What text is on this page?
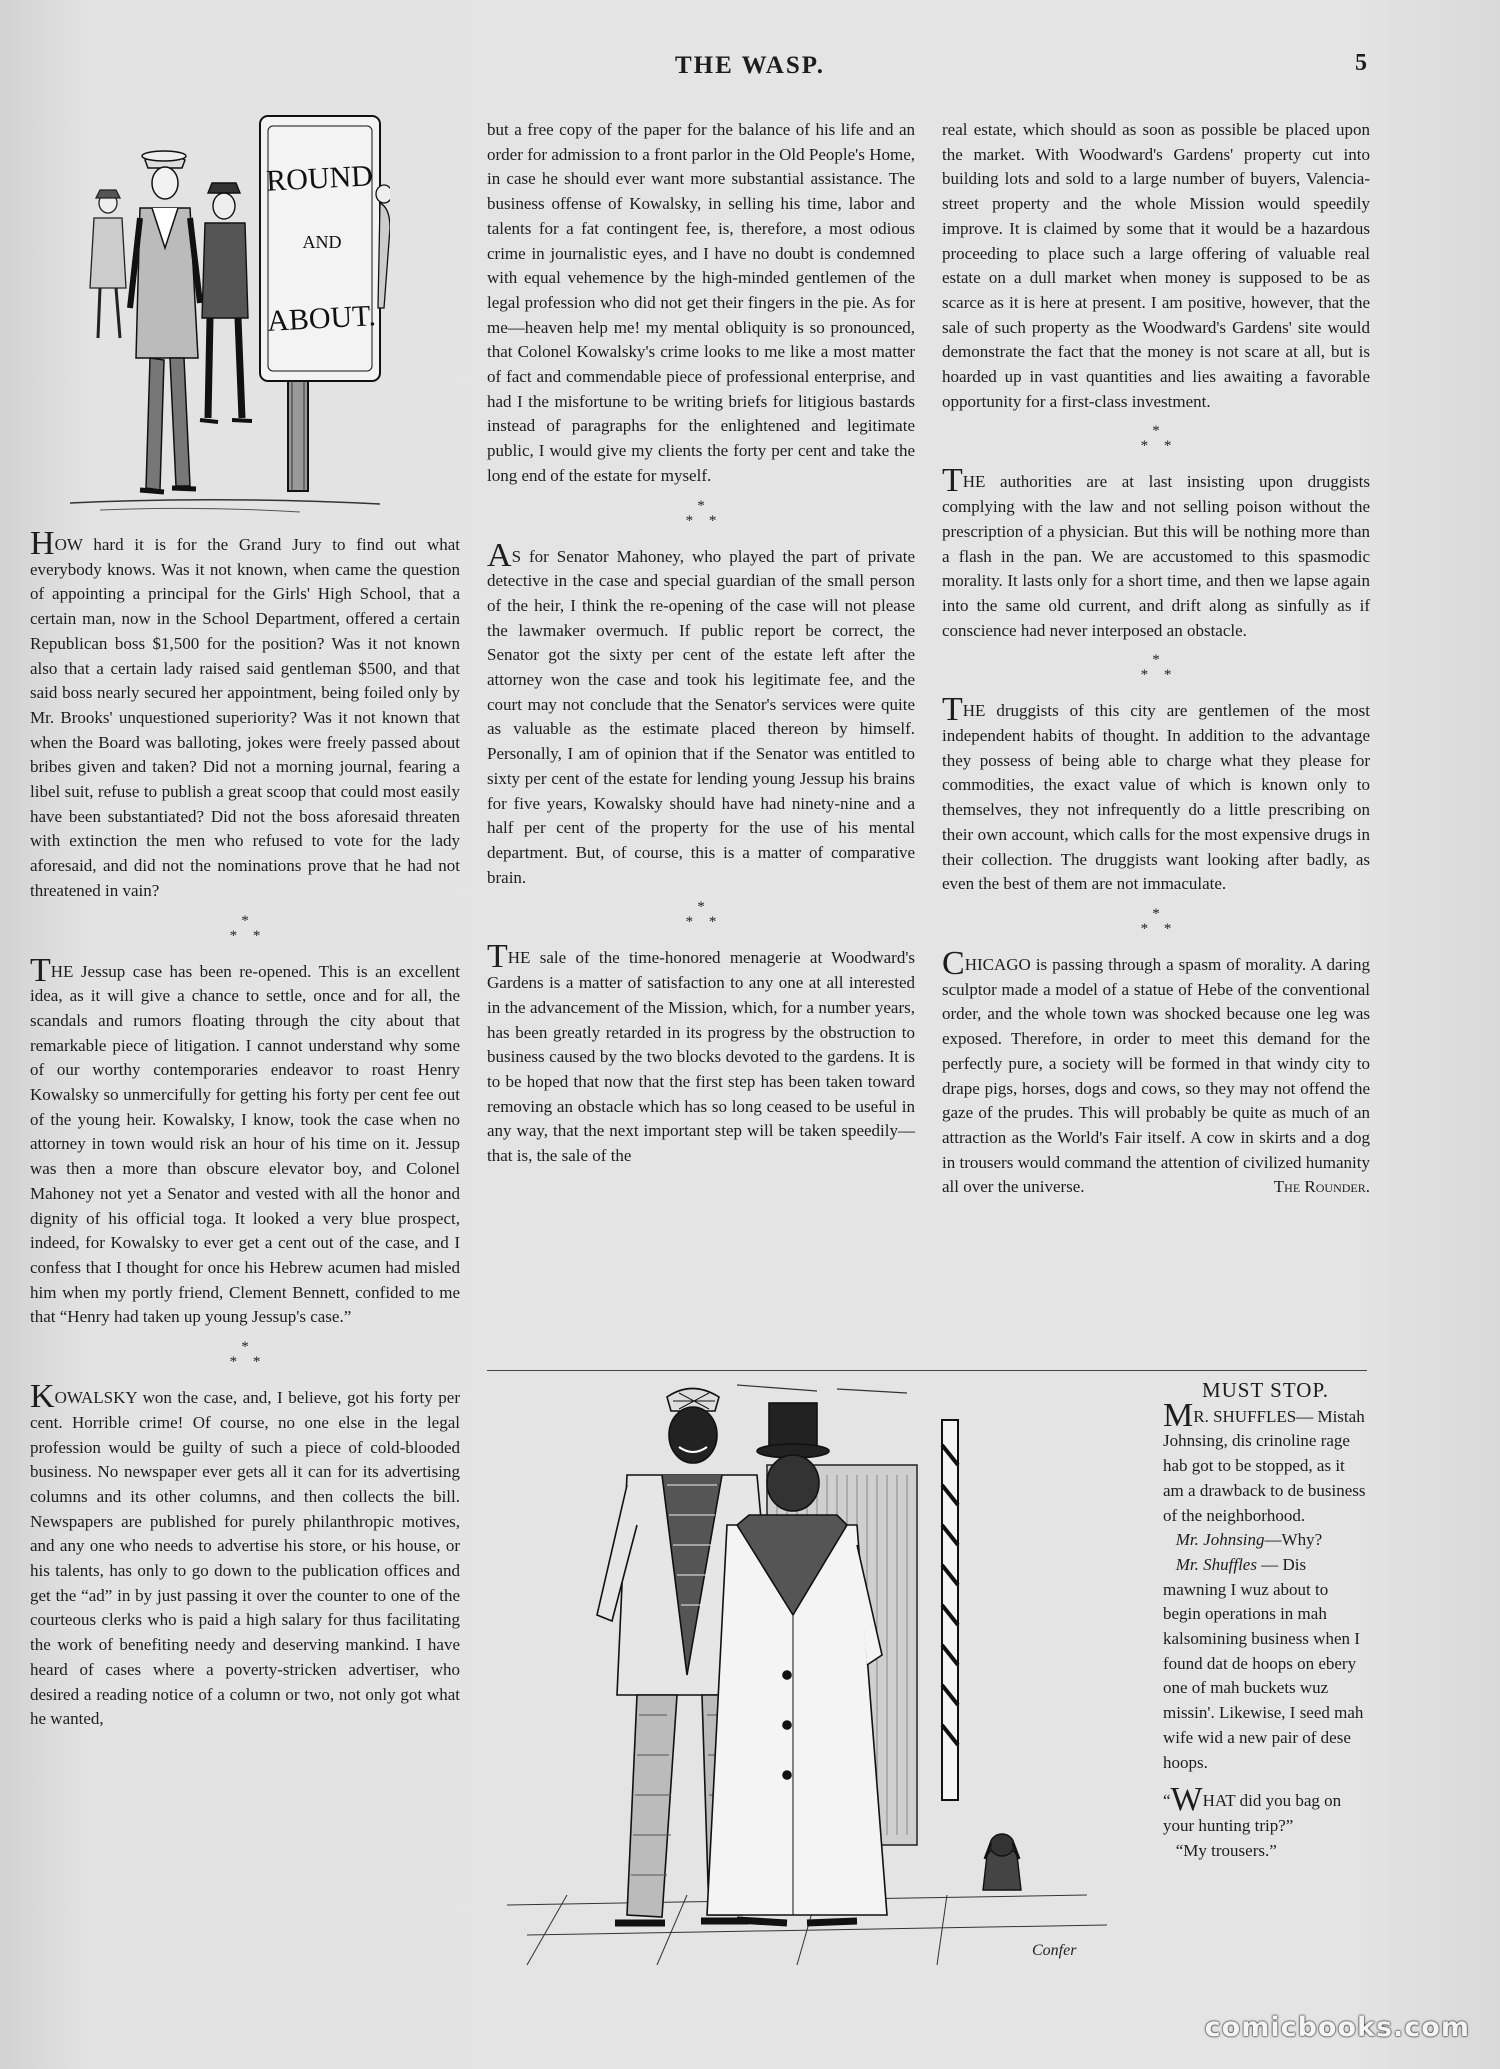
THE WASP.	5
ROUND
AND
ABOUT.

HOW hard it is for the Grand Jury to find out what everybody knows. Was it not known, when came the question of appointing a principal for the Girls' High School, that a certain man, now in the School Department, offered a certain Republican boss $1,500 for the position? Was it not known also that a certain lady raised said gentleman $500, and that said boss nearly secured her appointment, being foiled only by Mr. Brooks' unquestioned superiority? Was it not known that when the Board was balloting, jokes were freely passed about bribes given and taken? Did not a morning journal, fearing a libel suit, refuse to publish a great scoop that could most easily have been substantiated? Did not the boss aforesaid threaten with extinction the men who refused to vote for the lady aforesaid, and did not the nominations prove that he had not threatened in vain?

*
* *

THE Jessup case has been re-opened. This is an excellent idea, as it will give a chance to settle, once and for all, the scandals and rumors floating through the city about that remarkable piece of litigation. I cannot understand why some of our worthy contemporaries endeavor to roast Henry Kowalsky so unmercifully for getting his forty per cent fee out of the young heir. Kowalsky, I know, took the case when no attorney in town would risk an hour of his time on it. Jessup was then a more than obscure elevator boy, and Colonel Mahoney not yet a Senator and vested with all the honor and dignity of his official toga. It looked a very blue prospect, indeed, for Kowalsky to ever get a cent out of the case, and I confess that I thought for once his Hebrew acumen had misled him when my portly friend, Clement Bennett, confided to me that “Henry had taken up young Jessup's case.”

*
* *

KOWALSKY won the case, and, I believe, got his forty per cent. Horrible crime! Of course, no one else in the legal profession would be guilty of such a piece of cold-blooded business. No newspaper ever gets all it can for its advertising columns and its other columns, and then collects the bill. Newspapers are published for purely philanthropic motives, and any one who needs to advertise his store, or his house, or his talents, has only to go down to the publication offices and get the “ad” in by just passing it over the counter to one of the courteous clerks who is paid a high salary for thus facilitating the work of benefiting needy and deserving mankind. I have heard of cases where a poverty-stricken advertiser, who desired a reading notice of a column or two, not only got what he wanted,

but a free copy of the paper for the balance of his life and an order for admission to a front parlor in the Old People's Home, in case he should ever want more substantial assistance. The business offense of Kowalsky, in selling his time, labor and talents for a fat contingent fee, is, therefore, a most odious crime in journalistic eyes, and I have no doubt is condemned with equal vehemence by the high-minded gentlemen of the legal profession who did not get their fingers in the pie. As for me—heaven help me! my mental obliquity is so pronounced, that Colonel Kowalsky's crime looks to me like a most matter of fact and commendable piece of professional enterprise, and had I the misfortune to be writing briefs for litigious bastards instead of paragraphs for the enlightened and legitimate public, I would give my clients the forty per cent and take the long end of the estate for myself.

*
* *

AS for Senator Mahoney, who played the part of private detective in the case and special guardian of the small person of the heir, I think the re-opening of the case will not please the lawmaker overmuch. If public report be correct, the Senator got the sixty per cent of the estate left after the attorney won the case and took his legitimate fee, and the court may not conclude that the Senator's services were quite as valuable as the estimate placed thereon by himself. Personally, I am of opinion that if the Senator was entitled to sixty per cent of the estate for lending young Jessup his brains for five years, Kowalsky should have had ninety-nine and a half per cent of the property for the use of his mental department. But, of course, this is a matter of comparative brain.

*
* *

THE sale of the time-honored menagerie at Woodward's Gardens is a matter of satisfaction to any one at all interested in the advancement of the Mission, which, for a number years, has been greatly retarded in its progress by the obstruction to business caused by the two blocks devoted to the gardens. It is to be hoped that now that the first step has been taken toward removing an obstacle which has so long ceased to be useful in any way, that the next important step will be taken speedily—that is, the sale of the

real estate, which should as soon as possible be placed upon the market. With Woodward's Gardens' property cut into building lots and sold to a large number of buyers, Valencia-street property and the whole Mission would speedily improve. It is claimed by some that it would be a hazardous proceeding to place such a large offering of valuable real estate on a dull market when money is supposed to be as scarce as it is here at present. I am positive, however, that the sale of such property as the Woodward's Gardens' site would demonstrate the fact that the money is not scare at all, but is hoarded up in vast quantities and lies awaiting a favorable opportunity for a first-class investment.

*
* *

THE authorities are at last insisting upon druggists complying with the law and not selling poison without the prescription of a physician. But this will be nothing more than a flash in the pan. We are accustomed to this spasmodic morality. It lasts only for a short time, and then we lapse again into the same old current, and drift along as sinfully as if conscience had never interposed an obstacle.

*
* *

THE druggists of this city are gentlemen of the most independent habits of thought. In addition to the advantage they possess of being able to charge what they please for commodities, the exact value of which is known only to themselves, they not infrequently do a little prescribing on their own account, which calls for the most expensive drugs in their collection. The druggists want looking after badly, as even the best of them are not immaculate.

*
* *

CHICAGO is passing through a spasm of morality. A daring sculptor made a model of a statue of Hebe of the conventional order, and the whole town was shocked because one leg was exposed. Therefore, in order to meet this demand for the perfectly pure, a society will be formed in that windy city to drape pigs, horses, dogs and cows, so they may not offend the gaze of the prudes. This will probably be quite as much of an attraction as the World's Fair itself. A cow in skirts and a dog in trousers would command the attention of civilized humanity all over the universe.	The Rounder.

Confer
MUST STOP.

MR. SHUFFLES— Mistah Johnsing, dis crinoline rage hab got to be stopped, as it am a drawback to de business of the neighborhood.

Mr. Johnsing—Why?

Mr. Shuffles — Dis mawning I wuz about to begin operations in mah kalsomining business when I found dat de hoops on ebery one of mah buckets wuz missin'. Likewise, I seed mah wife wid a new pair of dese hoops.

“WHAT did you bag on your hunting trip?”

“My trousers.”

comicbooks.com
